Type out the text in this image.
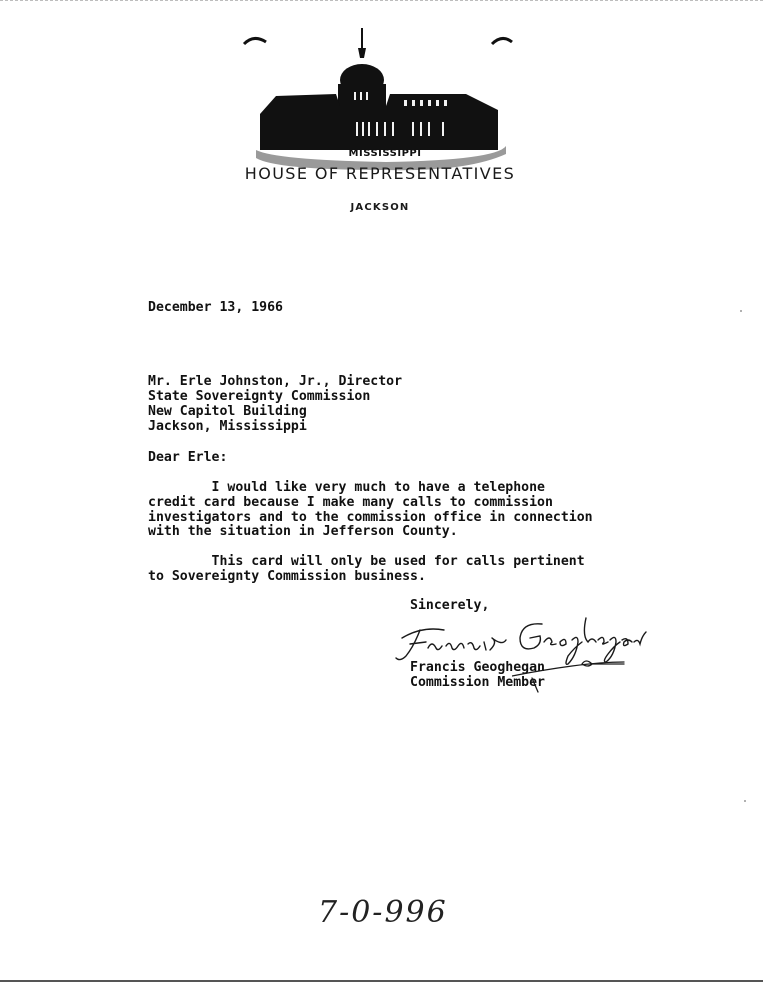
MISSISSIPPI
HOUSE OF REPRESENTATIVES
JACKSON

December 13, 1966

Mr. Erle Johnston, Jr., Director

State Sovereignty Commission

New Capitol Building

Jackson, Mississippi

Dear Erle:

I would like very much to have a telephone

credit card because I make many calls to commission

investigators and to the commission office in connection

with the situation in Jefferson County.

This card will only be used for calls pertinent

to Sovereignty Commission business.

Sincerely,

Francis Geoghegan

Commission Member

7-0-996
